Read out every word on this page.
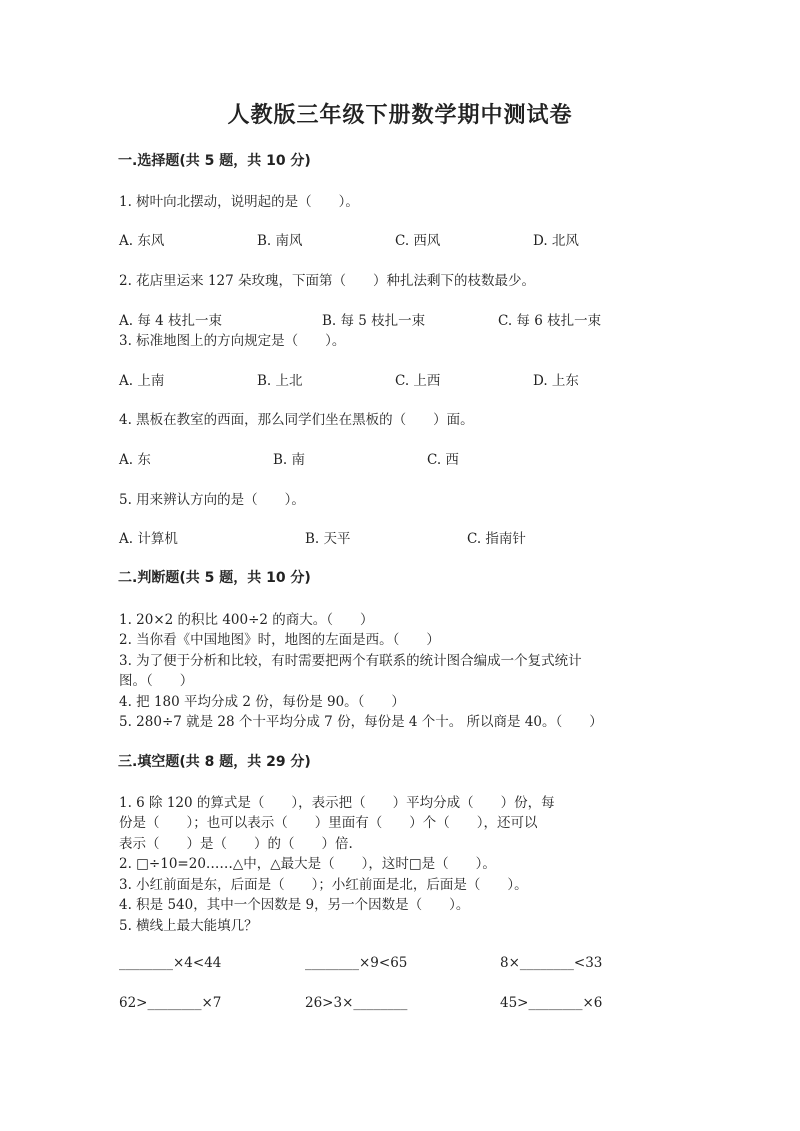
人教版三年级下册数学期中测试卷
一.选择题(共 5 题，共 10 分)
1. 树叶向北摆动，说明起的是（　　）。
A. 东风	B. 南风	C. 西风	D. 北风
2. 花店里运来 127 朵玫瑰，下面第（　　）种扎法剩下的枝数最少。
A. 每 4 枝扎一束	B. 每 5 枝扎一束	C. 每 6 枝扎一束
3. 标准地图上的方向规定是（　　）。
A. 上南	B. 上北	C. 上西	D. 上东
4. 黑板在教室的西面，那么同学们坐在黑板的（　　）面。
A. 东	B. 南	C. 西
5. 用来辨认方向的是（　　）。
A. 计算机	B. 天平	C. 指南针
二.判断题(共 5 题，共 10 分)
1. 20×2 的积比 400÷2 的商大。（　　）
2. 当你看《中国地图》时，地图的左面是西。（　　）
3. 为了便于分析和比较，有时需要把两个有联系的统计图合编成一个复式统计
图。（　　）
4. 把 180 平均分成 2 份，每份是 90。（　　）
5. 280÷7 就是 28 个十平均分成 7 份，每份是 4 个十。 所以商是 40。（　　）
三.填空题(共 8 题，共 29 分)
1. 6 除 120 的算式是（　　），表示把（　　）平均分成（　　）份，每
份是（　　）；也可以表示（　　）里面有（　　）个（　　），还可以
表示（　　）是（　　）的（　　）倍.
2. □÷10=20……△中，△最大是（　　），这时□是（　　）。
3. 小红前面是东，后面是（　　）；小红前面是北，后面是（　　）。
4. 积是 540，其中一个因数是 9，另一个因数是（　　）。
5. 横线上最大能填几？
________×4<44	________×9<65	8×________<33
62>________×7	26>3×________	45>________×6
